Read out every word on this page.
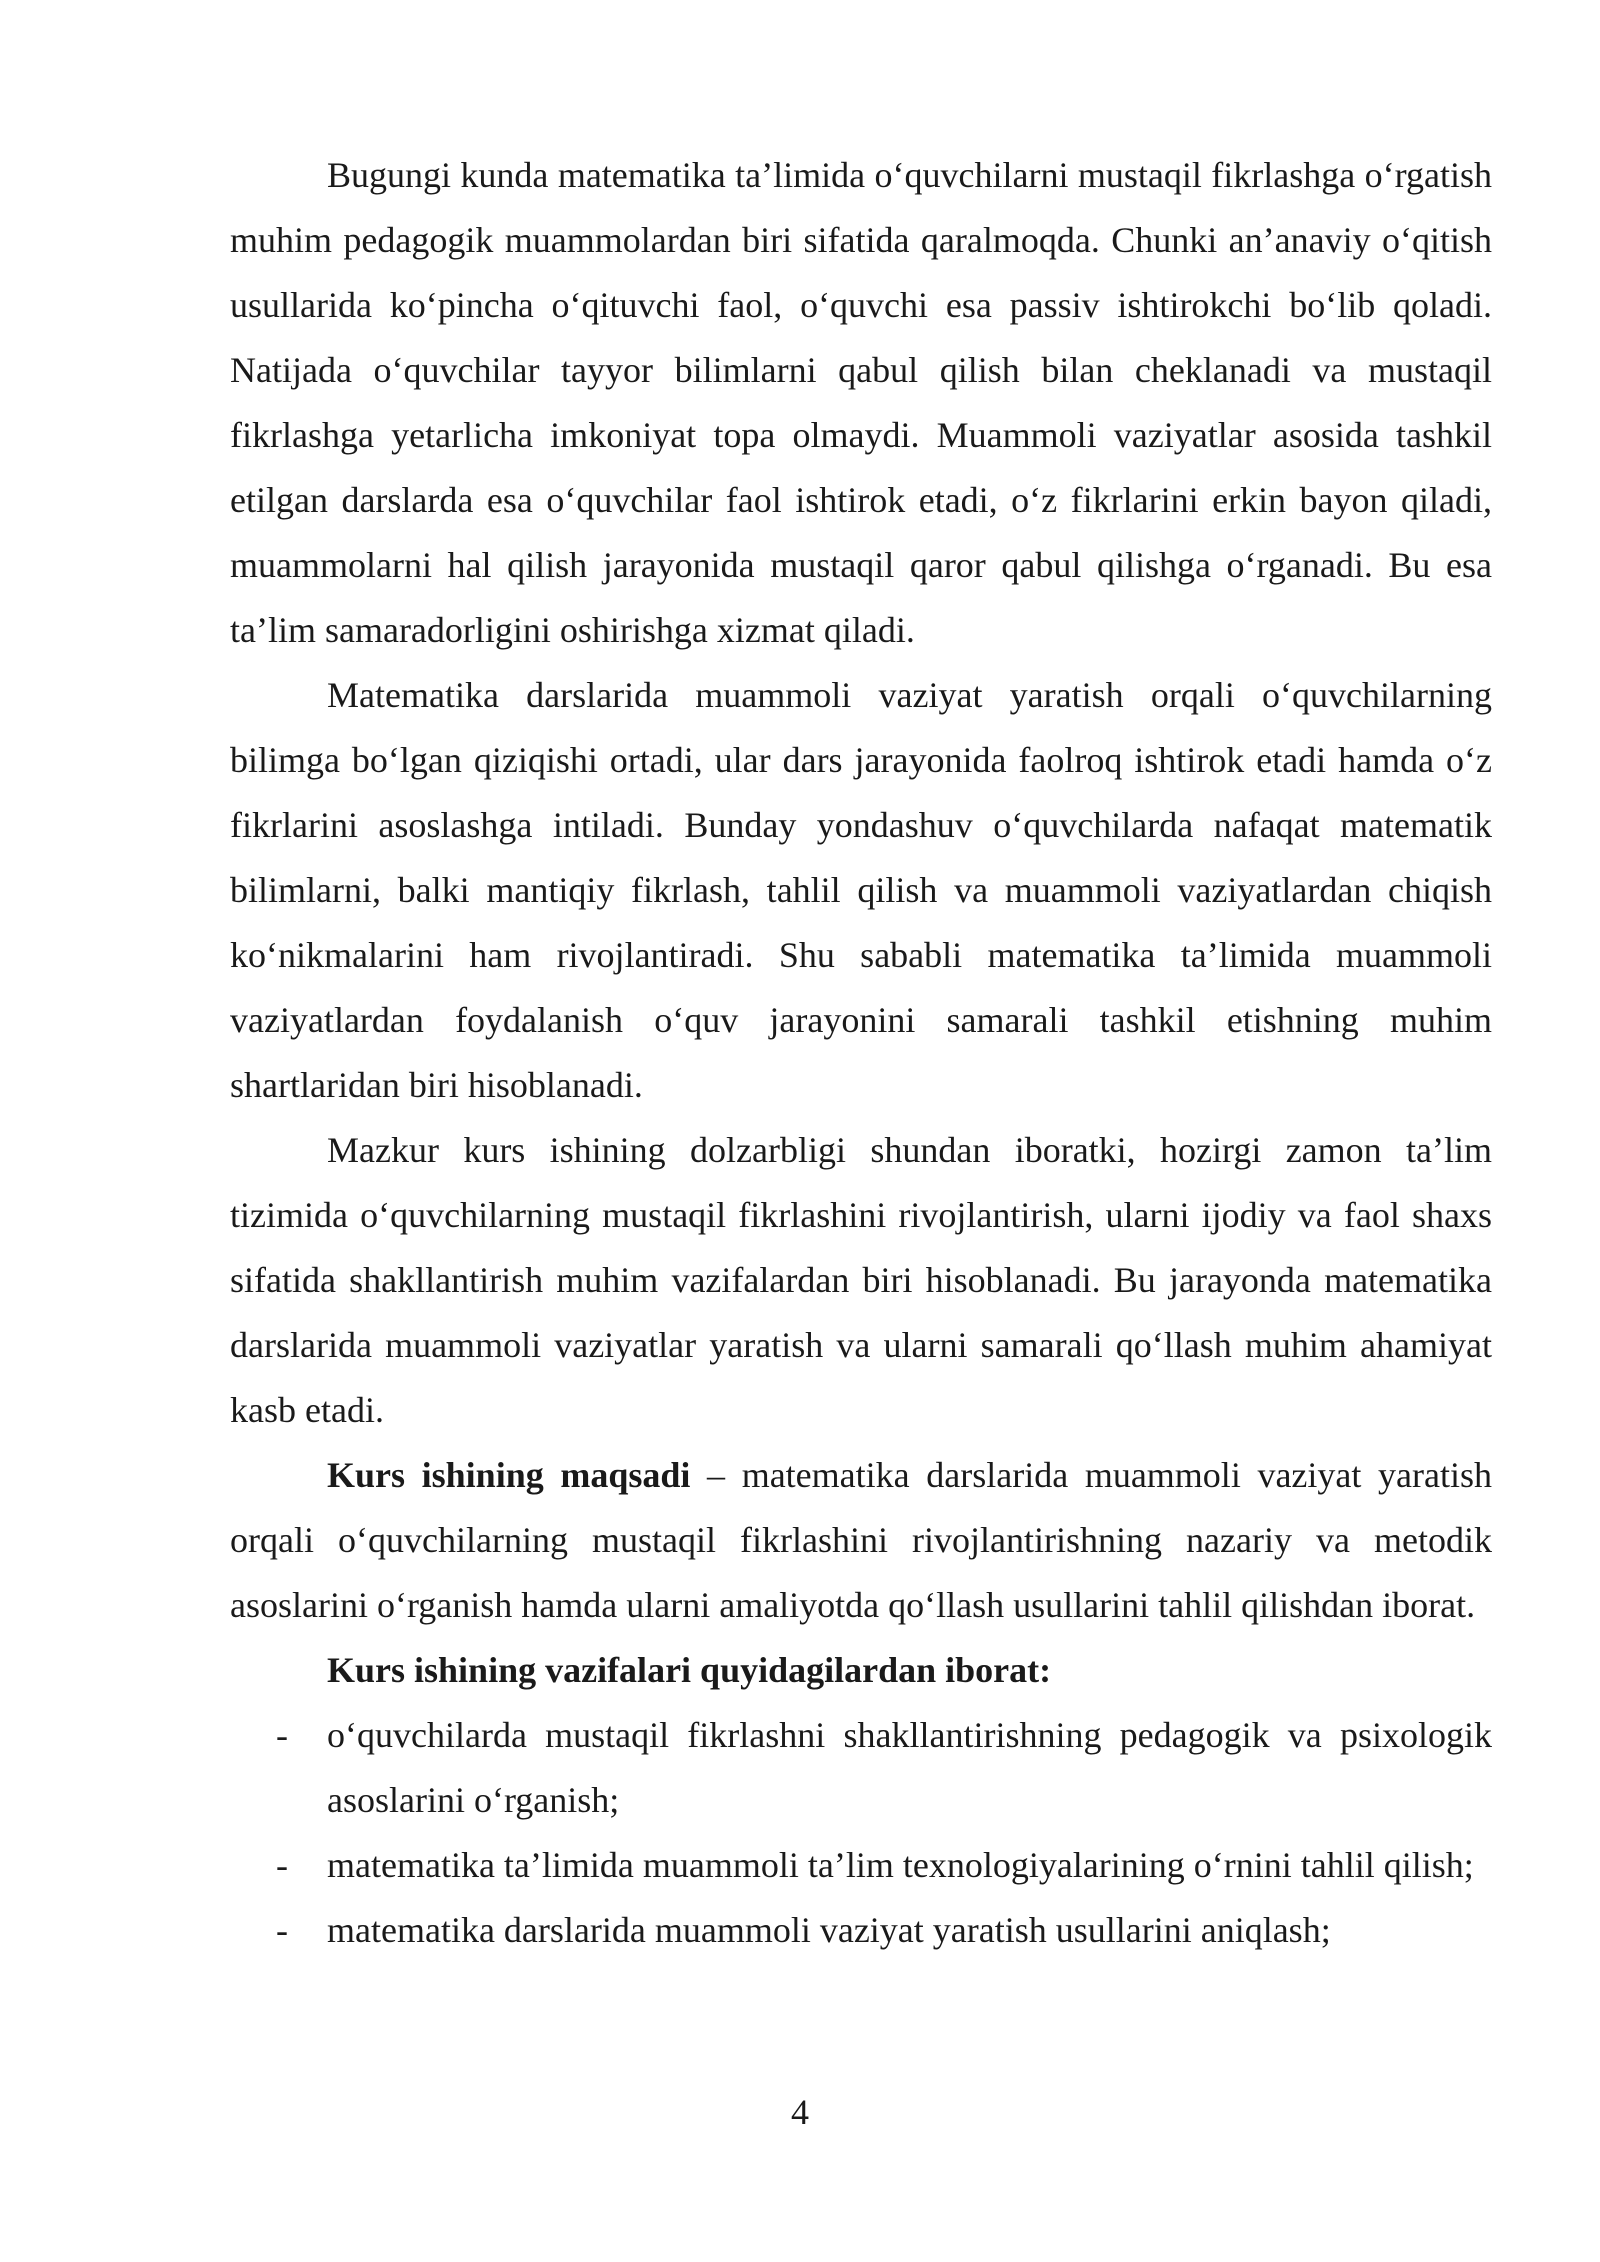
Bugungi kunda matematika ta’limida o‘quvchilarni mustaqil fikrlashga o‘rgatish muhim pedagogik muammolardan biri sifatida qaralmoqda. Chunki an’anaviy o‘qitish usullarida ko‘pincha o‘qituvchi faol, o‘quvchi esa passiv ishtirokchi bo‘lib qoladi. Natijada o‘quvchilar tayyor bilimlarni qabul qilish bilan cheklanadi va mustaqil fikrlashga yetarlicha imkoniyat topa olmaydi. Muammoli vaziyatlar asosida tashkil etilgan darslarda esa o‘quvchilar faol ishtirok etadi, o‘z fikrlarini erkin bayon qiladi, muammolarni hal qilish jarayonida mustaqil qaror qabul qilishga o‘rganadi. Bu esa ta’lim samaradorligini oshirishga xizmat qiladi.

Matematika darslarida muammoli vaziyat yaratish orqali o‘quvchilarning bilimga bo‘lgan qiziqishi ortadi, ular dars jarayonida faolroq ishtirok etadi hamda o‘z fikrlarini asoslashga intiladi. Bunday yondashuv o‘quvchilarda nafaqat matematik bilimlarni, balki mantiqiy fikrlash, tahlil qilish va muammoli vaziyatlardan chiqish ko‘nikmalarini ham rivojlantiradi. Shu sababli matematika ta’limida muammoli vaziyatlardan foydalanish o‘quv jarayonini samarali tashkil etishning muhim shartlaridan biri hisoblanadi.

Mazkur kurs ishining dolzarbligi shundan iboratki, hozirgi zamon ta’lim tizimida o‘quvchilarning mustaqil fikrlashini rivojlantirish, ularni ijodiy va faol shaxs sifatida shakllantirish muhim vazifalardan biri hisoblanadi. Bu jarayonda matematika darslarida muammoli vaziyatlar yaratish va ularni samarali qo‘llash muhim ahamiyat kasb etadi.

Kurs ishining maqsadi – matematika darslarida muammoli vaziyat yaratish orqali o‘quvchilarning mustaqil fikrlashini rivojlantirishning nazariy va metodik asoslarini o‘rganish hamda ularni amaliyotda qo‘llash usullarini tahlil qilishdan iborat.

Kurs ishining vazifalari quyidagilardan iborat:
- o‘quvchilarda mustaqil fikrlashni shakllantirishning pedagogik va psixologik asoslarini o‘rganish;
- matematika ta’limida muammoli ta’lim texnologiyalarining o‘rnini tahlil qilish;
- matematika darslarida muammoli vaziyat yaratish usullarini aniqlash;
4
